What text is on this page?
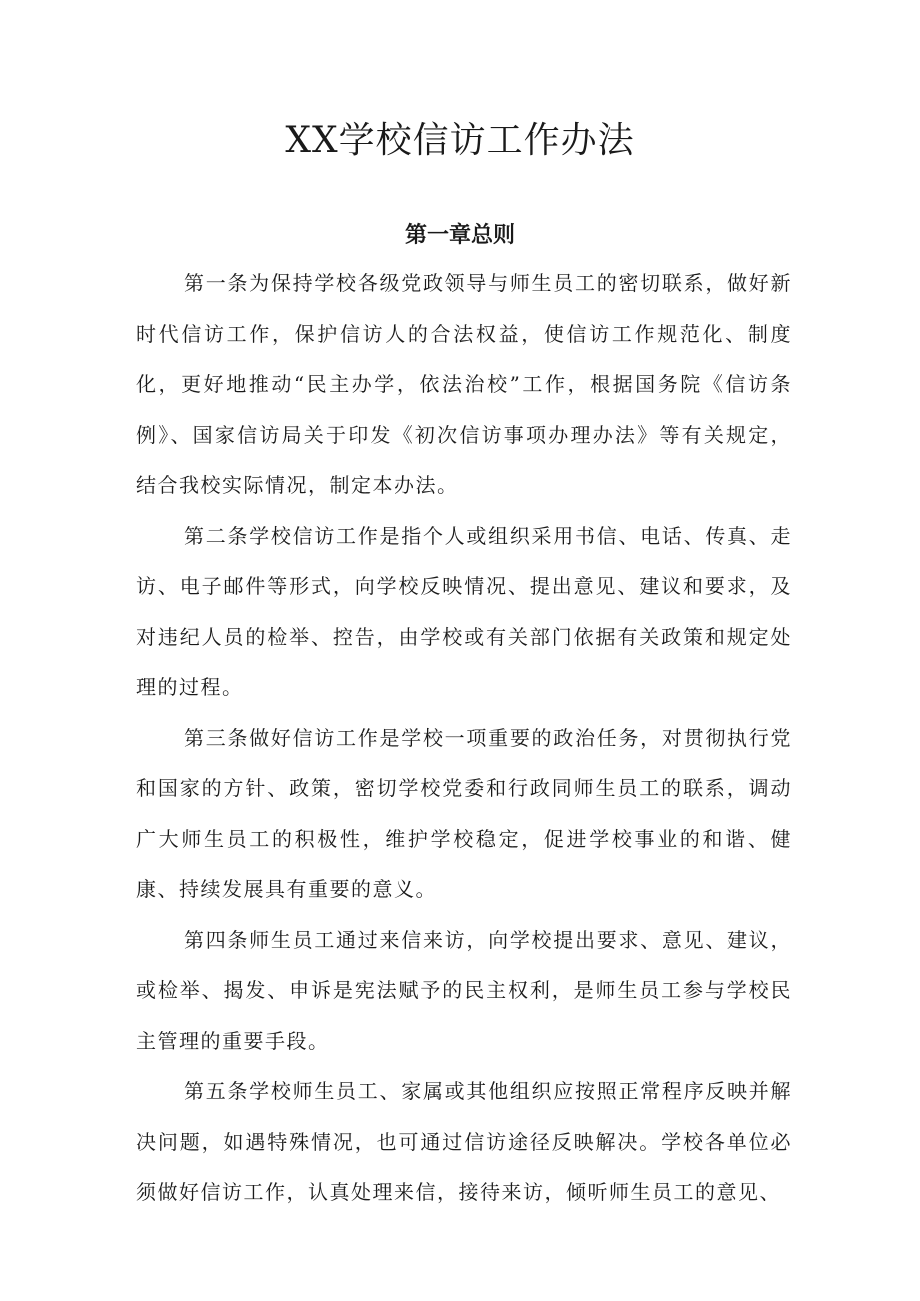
XX学校信访工作办法
第一章总则

第一条为保持学校各级党政领导与师生员工的密切联系，做好新时代信访工作，保护信访人的合法权益，使信访工作规范化、制度化，更好地推动“民主办学，依法治校”工作，根据国务院《信访条例》、国家信访局关于印发《初次信访事项办理办法》等有关规定，结合我校实际情况，制定本办法。

第二条学校信访工作是指个人或组织采用书信、电话、传真、走访、电子邮件等形式，向学校反映情况、提出意见、建议和要求，及对违纪人员的检举、控告，由学校或有关部门依据有关政策和规定处理的过程。

第三条做好信访工作是学校一项重要的政治任务，对贯彻执行党和国家的方针、政策，密切学校党委和行政同师生员工的联系，调动广大师生员工的积极性，维护学校稳定，促进学校事业的和谐、健康、持续发展具有重要的意义。

第四条师生员工通过来信来访，向学校提出要求、意见、建议，或检举、揭发、申诉是宪法赋予的民主权利，是师生员工参与学校民主管理的重要手段。

第五条学校师生员工、家属或其他组织应按照正常程序反映并解决问题，如遇特殊情况，也可通过信访途径反映解决。学校各单位必须做好信访工作，认真处理来信，接待来访，倾听师生员工的意见、
